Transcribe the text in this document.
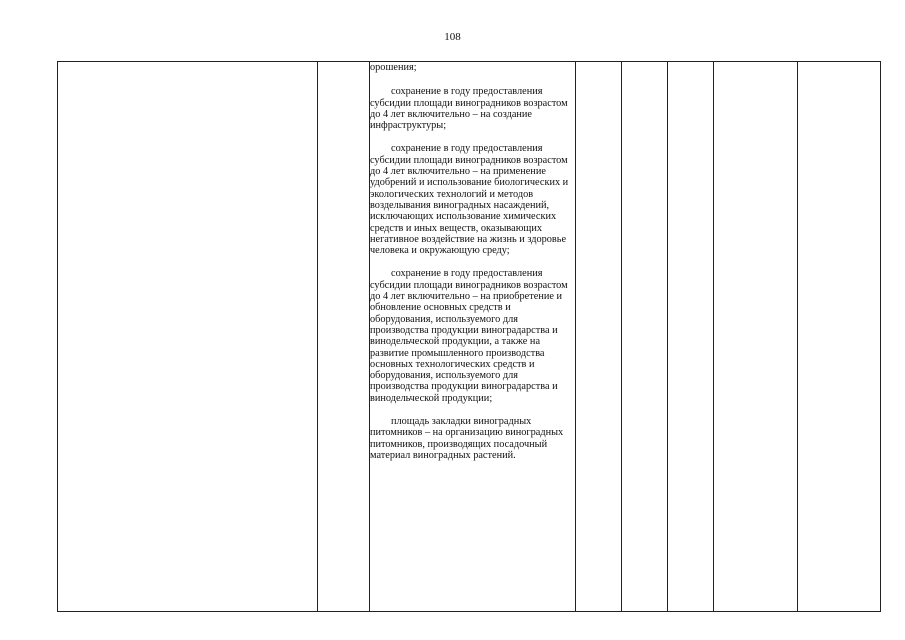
108

орошения;

сохранение в году предоставления субсидии площади виноградников возрастом до 4 лет включительно – на создание инфраструктуры;

сохранение в году предоставления субсидии площади виноградников возрастом до 4 лет включительно – на применение удобрений и использование биологических и экологических технологий и методов возделывания виноградных насаждений, исключающих использование химических средств и иных веществ, оказывающих негативное воздействие на жизнь и здоровье человека и окружающую среду;

сохранение в году предоставления субсидии площади виноградников возрастом до 4 лет включительно – на приобретение и обновление основных средств и оборудования, используемого для производства продукции виноградарства и винодельческой продукции, а также на развитие промышленного производства основных технологических средств и оборудования, используемого для производства продукции виноградарства и винодельческой продукции;

площадь закладки виноградных питомников – на организацию виноградных питомников, производящих посадочный материал виноградных растений.
